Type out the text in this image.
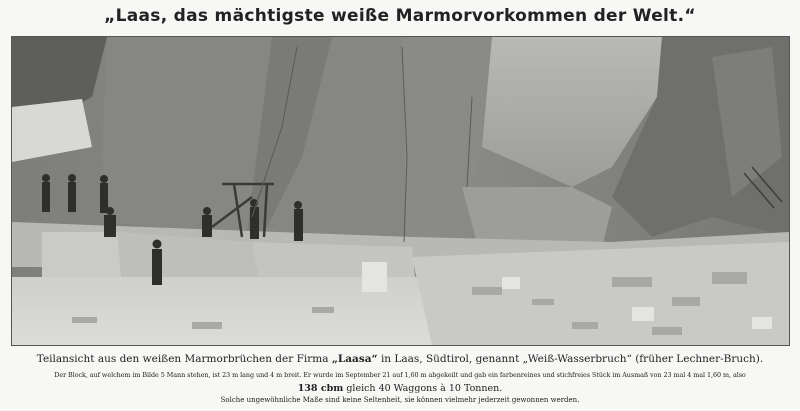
„Laas, das mächtigste weiße Marmorvorkommen der Welt.“
Teilansicht aus den weißen Marmorbrüchen der Firma „Laasa“ in Laas, Südtirol, genannt „Weiß-Wasserbruch“ (früher Lechner-Bruch).
Der Block, auf welchem im Bilde 5 Mann stehen, ist 23 m lang und 4 m breit. Er wurde im September 21 auf 1,60 m abgekeilt und gab ein farbenreines und stichfreies Stück im Ausmaß von 23 mal 4 mal 1,60 m, also
138 cbm gleich 40 Waggons à 10 Tonnen.
Solche ungewöhnliche Maße sind keine Seltenheit, sie können vielmehr jederzeit gewonnen werden.
